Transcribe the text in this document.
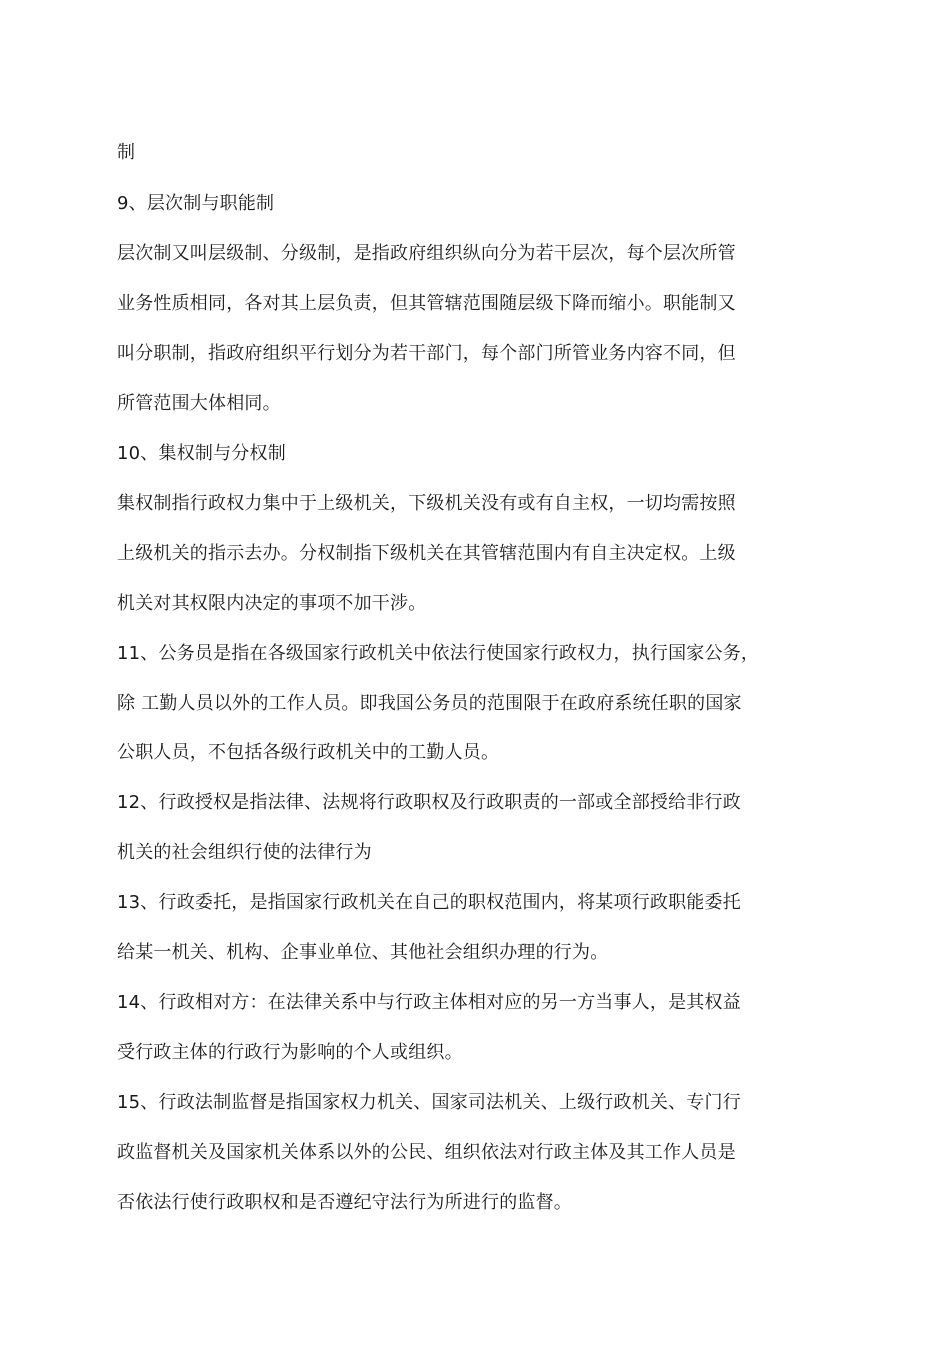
制
9、层次制与职能制
层次制又叫层级制、分级制，是指政府组织纵向分为若干层次，每个层次所管
业务性质相同，各对其上层负责，但其管辖范围随层级下降而缩小。职能制又
叫分职制，指政府组织平行划分为若干部门，每个部门所管业务内容不同，但
所管范围大体相同。
10、集权制与分权制
集权制指行政权力集中于上级机关，下级机关没有或有自主权，一切均需按照
上级机关的指示去办。分权制指下级机关在其管辖范围内有自主决定权。上级
机关对其权限内决定的事项不加干涉。
11、公务员是指在各级国家行政机关中依法行使国家行政权力，执行国家公务，
除 工勤人员以外的工作人员。即我国公务员的范围限于在政府系统任职的国家
公职人员，不包括各级行政机关中的工勤人员。
12、行政授权是指法律、法规将行政职权及行政职责的一部或全部授给非行政
机关的社会组织行使的法律行为
13、行政委托，是指国家行政机关在自己的职权范围内，将某项行政职能委托
给某一机关、机构、企事业单位、其他社会组织办理的行为。
14、行政相对方：在法律关系中与行政主体相对应的另一方当事人，是其权益
受行政主体的行政行为影响的个人或组织。
15、行政法制监督是指国家权力机关、国家司法机关、上级行政机关、专门行
政监督机关及国家机关体系以外的公民、组织依法对行政主体及其工作人员是
否依法行使行政职权和是否遵纪守法行为所进行的监督。
